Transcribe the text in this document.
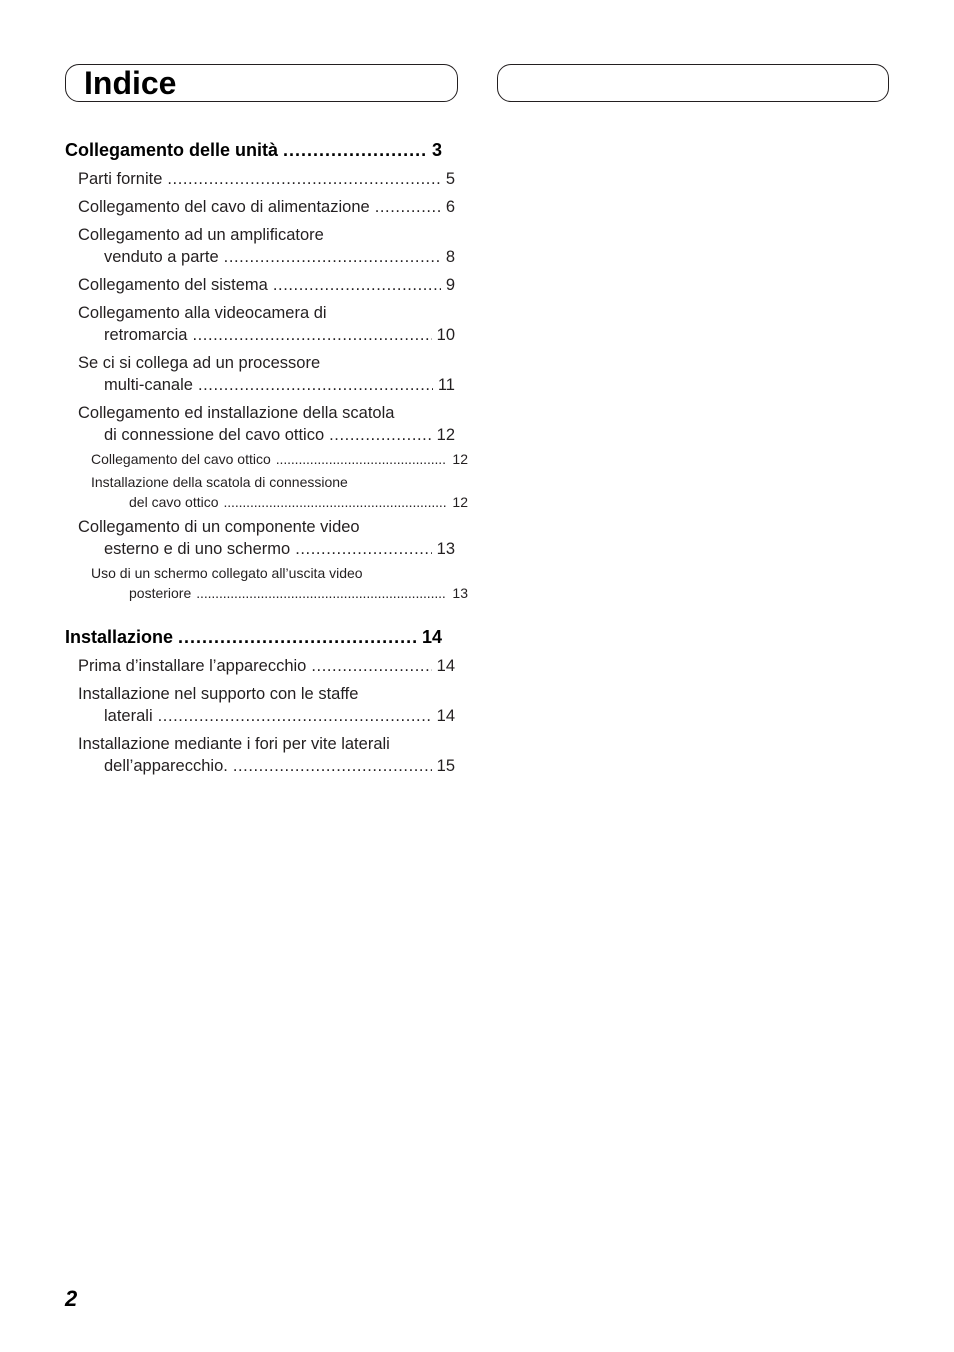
Indice
Collegamento delle unità . . .	3
Parti fornite . . .	5
Collegamento del cavo di alimentazione . . .	6
Collegamento ad un amplificatore
venduto a parte . . .	8
Collegamento del sistema . . .	9
Collegamento alla videocamera di
retromarcia . . .	10
Se ci si collega ad un processore
multi-canale . . .	11
Collegamento ed installazione della scatola
di connessione del cavo ottico . . .	12
Collegamento del cavo ottico . . .	12
Installazione della scatola di connessione
del cavo ottico . . .	12
Collegamento di un componente video
esterno e di uno schermo . . .	13
Uso di un schermo collegato all’uscita video
posteriore . . .	13
Installazione . . .	14
Prima d’installare l’apparecchio . . .	14
Installazione nel supporto con le staffe
laterali . . .	14
Installazione mediante i fori per vite laterali
dell’apparecchio. . . .	15
2
